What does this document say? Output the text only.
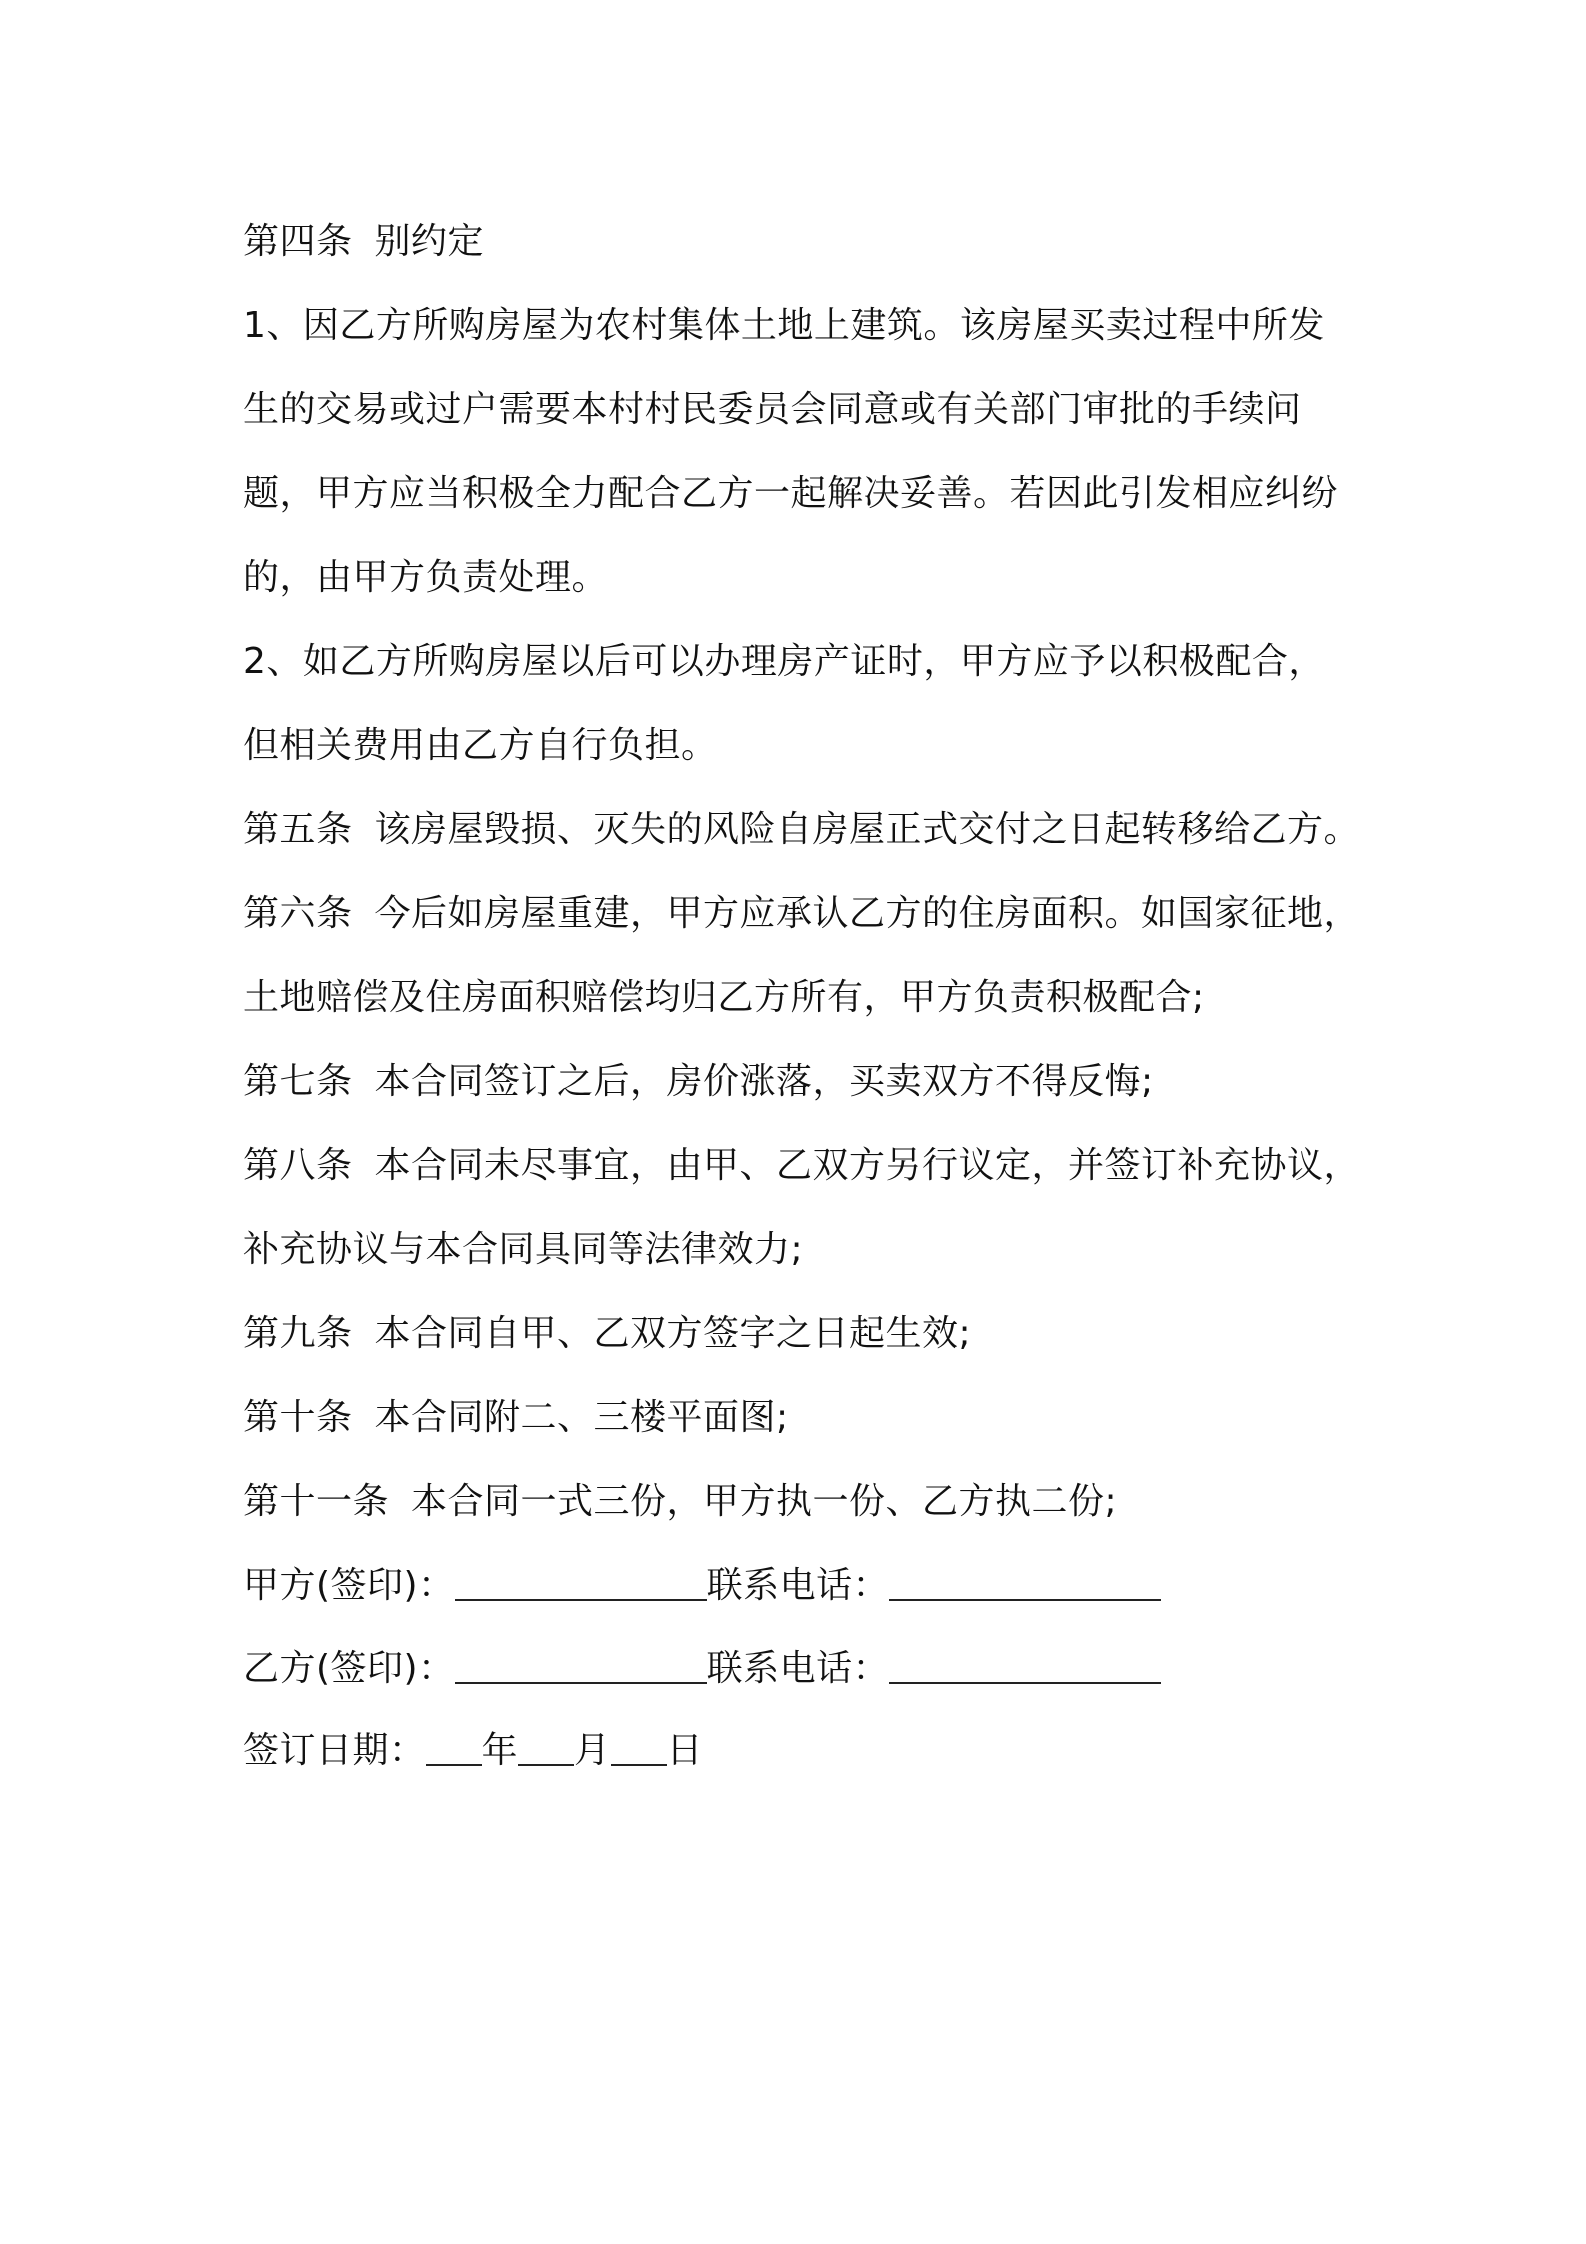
第四条 别约定
1、因乙方所购房屋为农村集体土地上建筑。该房屋买卖过程中所发
生的交易或过户需要本村村民委员会同意或有关部门审批的手续问
题，甲方应当积极全力配合乙方一起解决妥善。若因此引发相应纠纷
的，由甲方负责处理。
2、如乙方所购房屋以后可以办理房产证时，甲方应予以积极配合，
但相关费用由乙方自行负担。
第五条 该房屋毁损、灭失的风险自房屋正式交付之日起转移给乙方。
第六条 今后如房屋重建，甲方应承认乙方的住房面积。如国家征地，
土地赔偿及住房面积赔偿均归乙方所有，甲方负责积极配合;
第七条 本合同签订之后，房价涨落，买卖双方不得反悔;
第八条 本合同未尽事宜，由甲、乙双方另行议定，并签订补充协议，
补充协议与本合同具同等法律效力;
第九条 本合同自甲、乙双方签字之日起生效;
第十条 本合同附二、三楼平面图;
第十一条 本合同一式三份，甲方执一份、乙方执二份;
甲方(签印)：	联系电话：
乙方(签印)：	联系电话：
签订日期： 年 月 日
